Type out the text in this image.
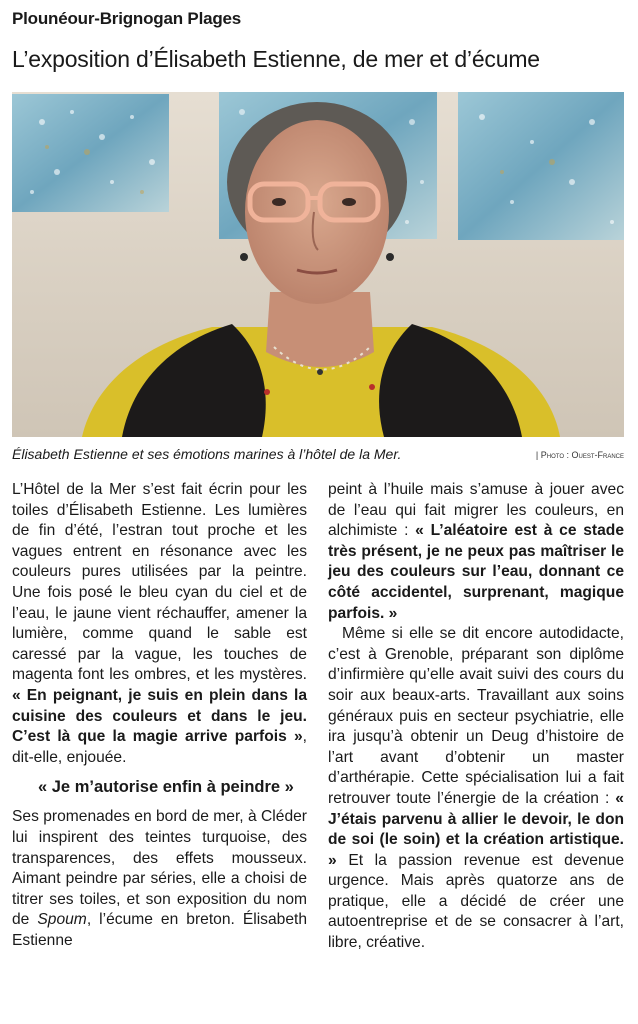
Plounéour-Brignogan Plages
L’exposition d’Élisabeth Estienne, de mer et d’écume
Élisabeth Estienne et ses émotions marines à l’hôtel de la Mer.	| Photo : Ouest-France

L’Hôtel de la Mer s’est fait écrin pour les toiles d’Élisabeth Estienne. Les lumières de fin d’été, l’estran tout proche et les vagues entrent en résonance avec les couleurs pures utilisées par la peintre. Une fois posé le bleu cyan du ciel et de l’eau, le jaune vient réchauffer, amener la lumière, comme quand le sable est caressé par la vague, les touches de magenta font les ombres, et les mystères. « En peignant, je suis en plein dans la cuisine des couleurs et dans le jeu. C’est là que la magie arrive parfois », dit-elle, enjouée.

« Je m’autorise enfin à peindre »

Ses promenades en bord de mer, à Cléder lui inspirent des teintes turquoise, des transparences, des effets mousseux. Aimant peindre par séries, elle a choisi de titrer ses toiles, et son exposition du nom de Spoum, l’écume en breton. Élisabeth Estienne

peint à l’huile mais s’amuse à jouer avec de l’eau qui fait migrer les couleurs, en alchimiste : « L’aléatoire est à ce stade très présent, je ne peux pas maîtriser le jeu des couleurs sur l’eau, donnant ce côté accidentel, surprenant, magique parfois. »

Même si elle se dit encore autodidacte, c’est à Grenoble, préparant son diplôme d’infirmière qu’elle avait suivi des cours du soir aux beaux-arts. Travaillant aux soins généraux puis en secteur psychiatrie, elle ira jusqu’à obtenir un Deug d’histoire de l’art avant d’obtenir un master d’arthérapie. Cette spécialisation lui a fait retrouver toute l’énergie de la création : « J’étais parvenu à allier le devoir, le don de soi (le soin) et la création artistique. » Et la passion revenue est devenue urgence. Mais après quatorze ans de pratique, elle a décidé de créer une autoentreprise et de se consacrer à l’art, libre, créative.
